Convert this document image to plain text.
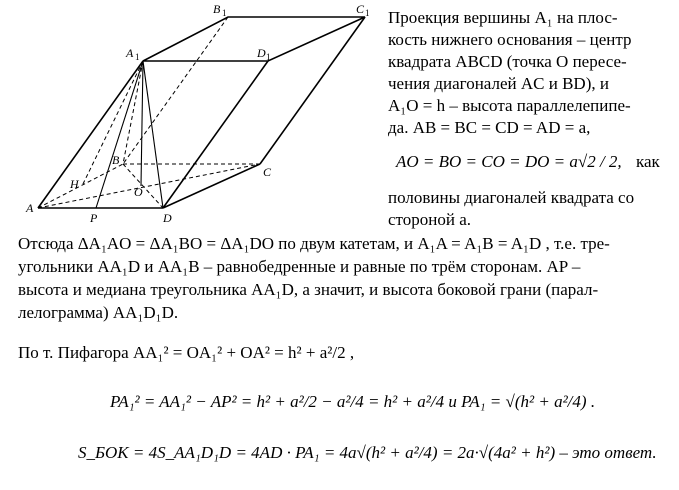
B 1	C 1
A 1	D 1
B
C
H
O
A
P	D
Проекция вершины A₁ на плос-
кость нижнего основания – центр
квадрата ABCD (точка O пересе-
чения диагоналей AC и BD), и
A₁O = h – высота параллелепипе-
да. AB = BC = CD = AD = a,
AO = BO = CO = DO = a√2 / 2, как
половины диагоналей квадрата со
стороной a.
Отсюда ΔA₁AO = ΔA₁BO = ΔA₁DO по двум катетам, и A₁A = A₁B = A₁D , т.е. тре-
угольники AA₁D и AA₁B – равнобедренные и равные по трём сторонам. AP –
высота и медиана треугольника AA₁D, а значит, и высота боковой грани (парал-
лелограмма) AA₁D₁D.
По т. Пифагора AA₁² = OA₁² + OA² = h² + a²/2 ,
PA₁² = AA₁² − AP² = h² + a²/2 − a²/4 = h² + a²/4 и PA₁ = √(h² + a²/4) .
S_БОК = 4S_AA₁D₁D = 4AD · PA₁ = 4a√(h² + a²/4) = 2a·√(4a² + h²) – это ответ.
